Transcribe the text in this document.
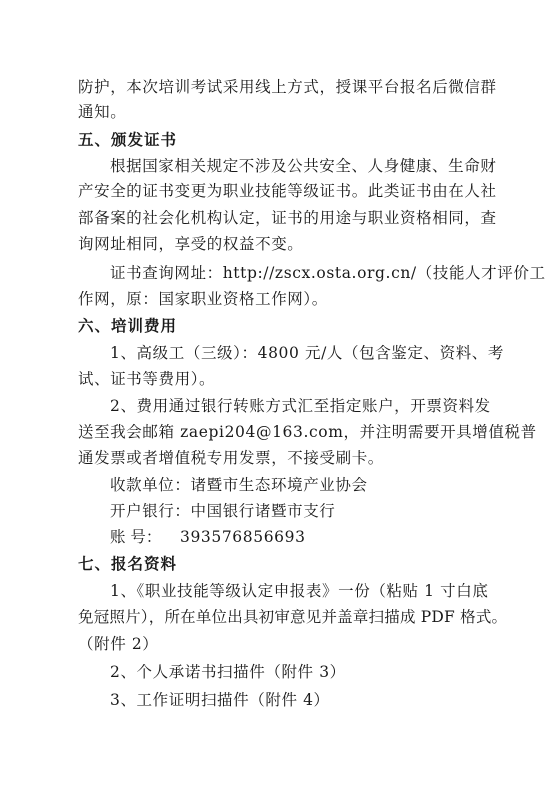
防护，本次培训考试采用线上方式，授课平台报名后微信群
通知。
五、颁发证书
根据国家相关规定不涉及公共安全、人身健康、生命财
产安全的证书变更为职业技能等级证书。此类证书由在人社
部备案的社会化机构认定，证书的用途与职业资格相同，查
询网址相同，享受的权益不变。
证书查询网址：http://zscx.osta.org.cn/（技能人才评价工
作网，原：国家职业资格工作网）。
六、培训费用
1、高级工（三级）：4800 元/人（包含鉴定、资料、考
试、证书等费用）。
2、费用通过银行转账方式汇至指定账户，开票资料发
送至我会邮箱 zaepi204@163.com，并注明需要开具增值税普
通发票或者增值税专用发票，不接受刷卡。
收款单位：诸暨市生态环境产业协会
开户银行：中国银行诸暨市支行
账 号： 393576856693
七、报名资料
1、《职业技能等级认定申报表》一份（粘贴 1 寸白底
免冠照片），所在单位出具初审意见并盖章扫描成 PDF 格式。
（附件 2）
2、个人承诺书扫描件（附件 3）
3、工作证明扫描件（附件 4）
